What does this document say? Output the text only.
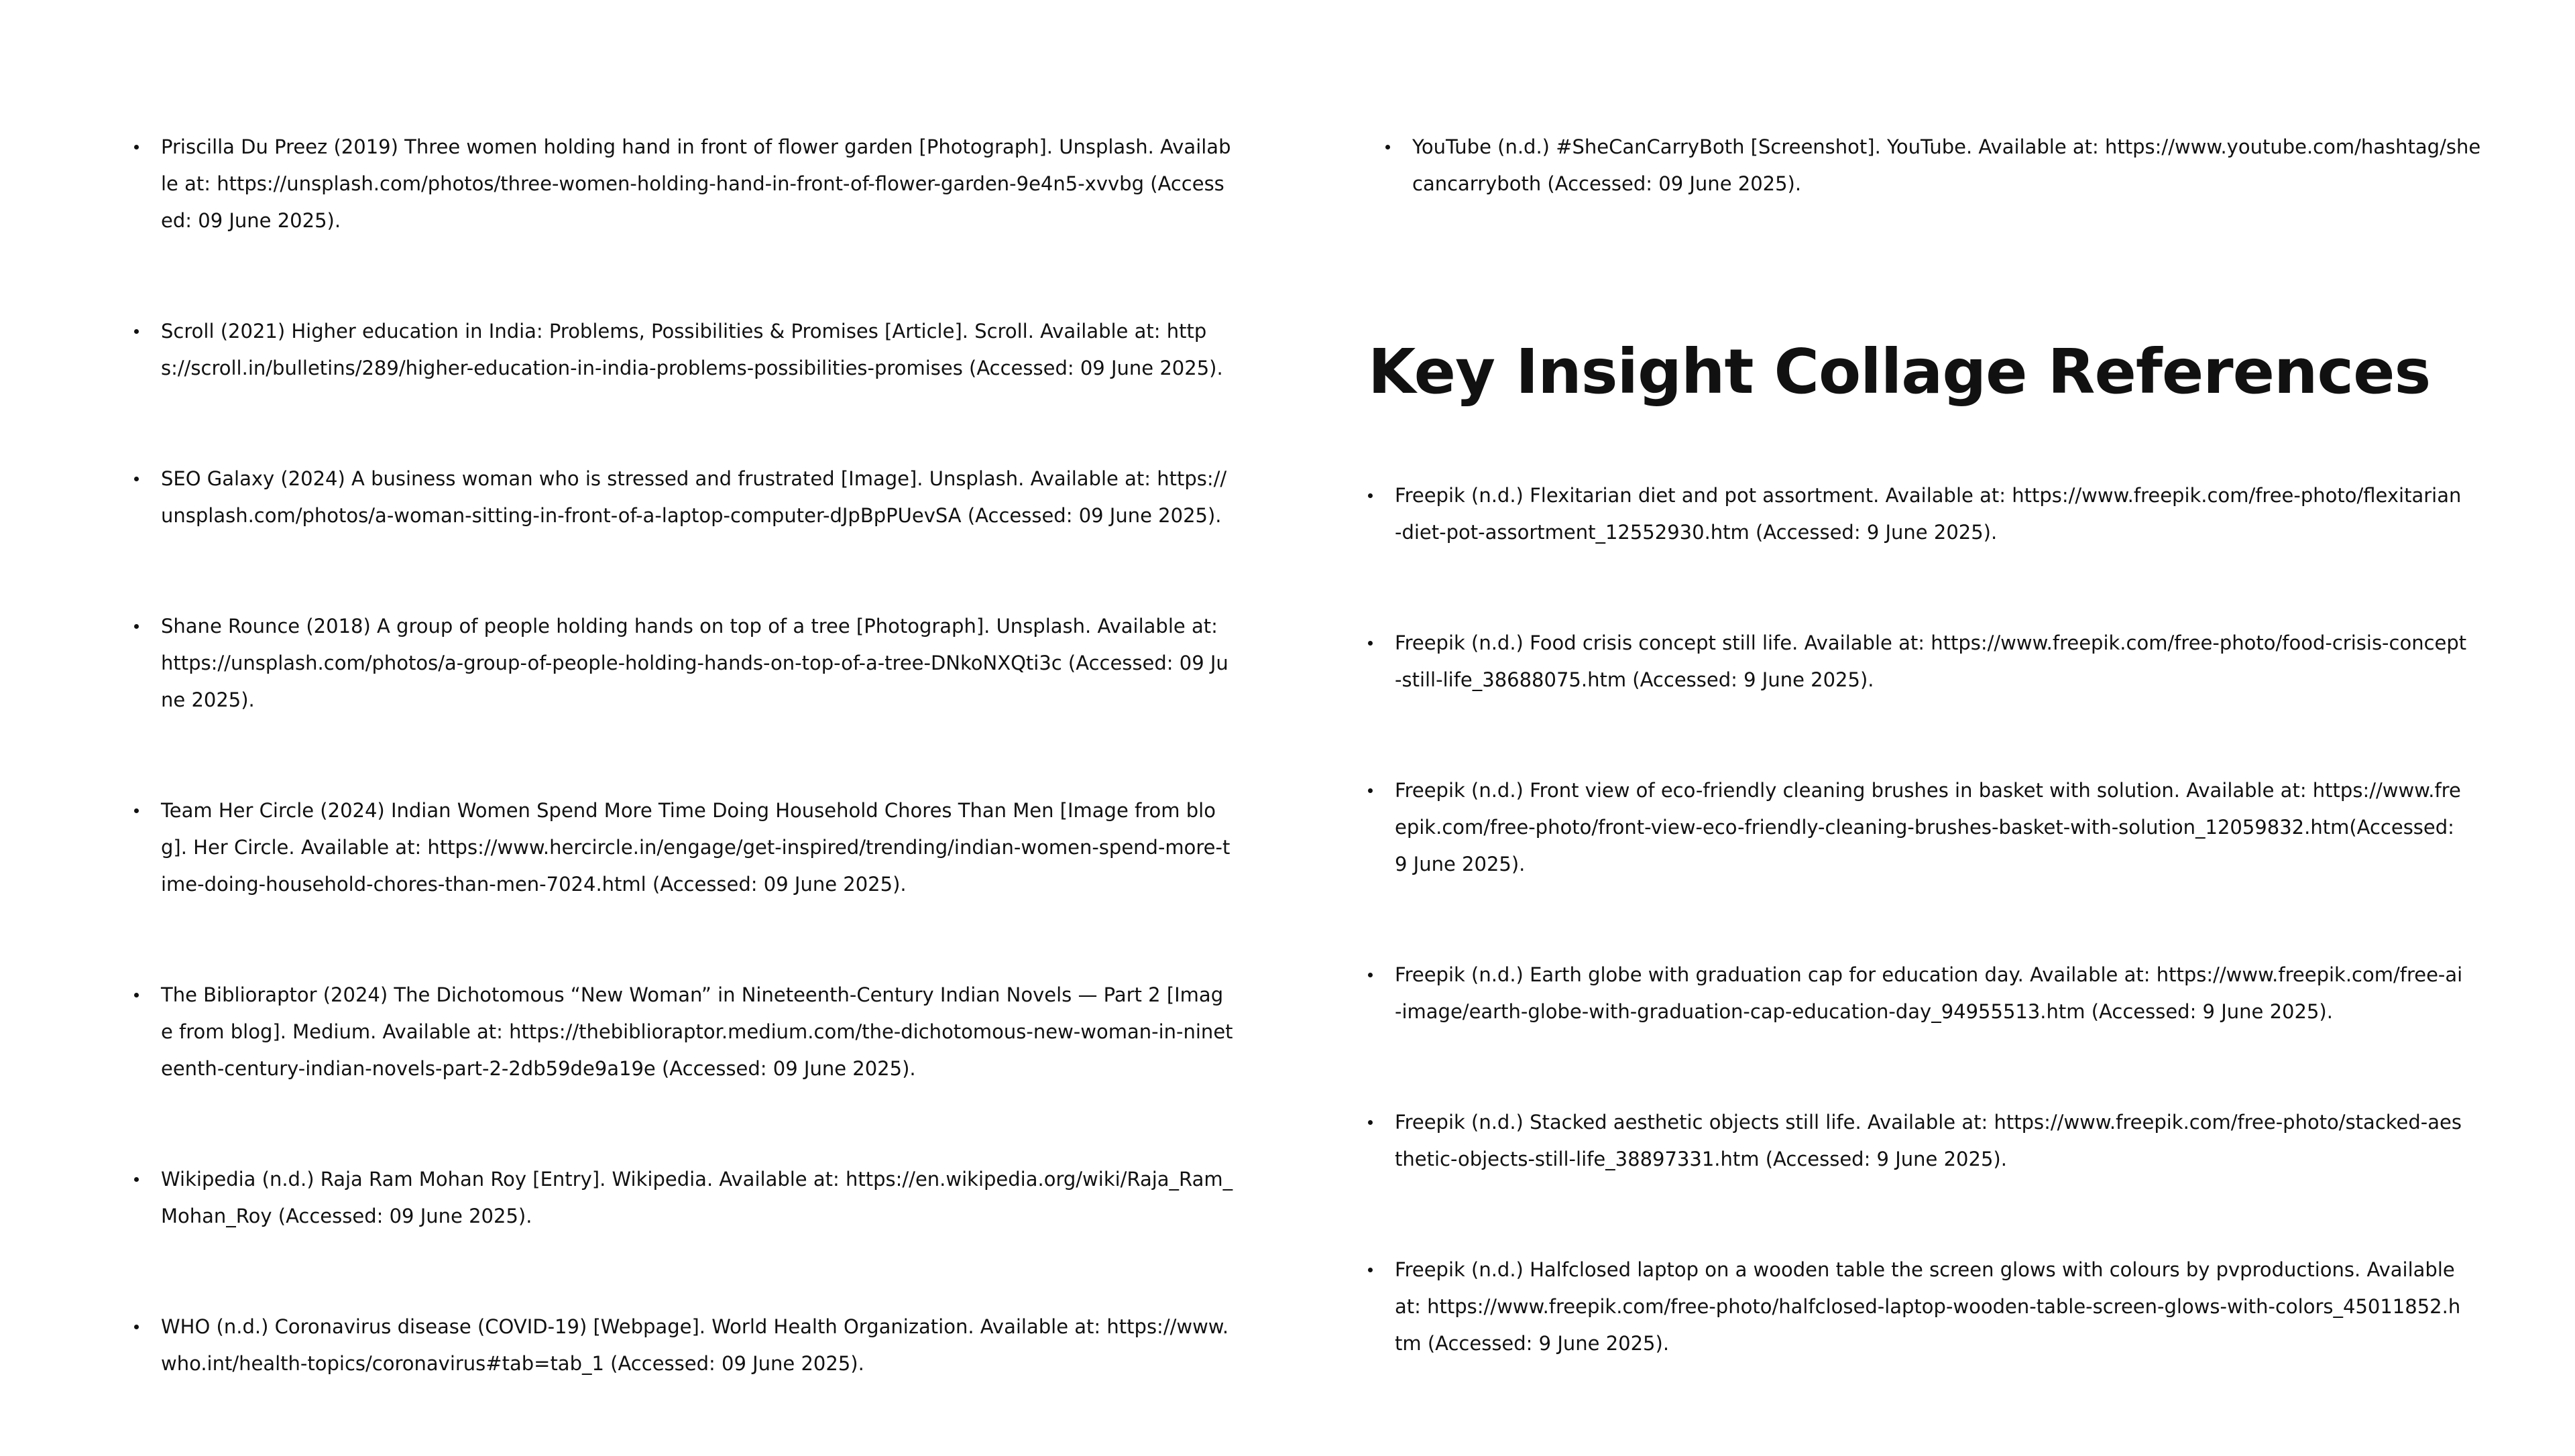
Priscilla Du Preez (2019) Three women holding hand in front of flower garden [Photograph]. Unsplash. Available at: https://unsplash.com/photos/three-women-holding-hand-in-front-of-flower-garden-9e4n5-xvvbg (Accessed: 09 June 2025).
Scroll (2021) Higher education in India: Problems, Possibilities & Promises [Article]. Scroll. Available at: https://scroll.in/bulletins/289/higher-education-in-india-problems-possibilities-promises (Accessed: 09 June 2025).
SEO Galaxy (2024) A business woman who is stressed and frustrated [Image]. Unsplash. Available at: https://unsplash.com/photos/a-woman-sitting-in-front-of-a-laptop-computer-dJpBpPUevSA (Accessed: 09 June 2025).
Shane Rounce (2018) A group of people holding hands on top of a tree [Photograph]. Unsplash. Available at: https://unsplash.com/photos/a-group-of-people-holding-hands-on-top-of-a-tree-DNkoNXQti3c (Accessed: 09 June 2025).
Team Her Circle (2024) Indian Women Spend More Time Doing Household Chores Than Men [Image from blog]. Her Circle. Available at: https://www.hercircle.in/engage/get-inspired/trending/indian-women-spend-more-time-doing-household-chores-than-men-7024.html (Accessed: 09 June 2025).
The Biblioraptor (2024) The Dichotomous “New Woman” in Nineteenth-Century Indian Novels — Part 2 [Image from blog]. Medium. Available at: https://thebiblioraptor.medium.com/the-dichotomous-new-woman-in-nineteenth-century-indian-novels-part-2-2db59de9a19e (Accessed: 09 June 2025).
Wikipedia (n.d.) Raja Ram Mohan Roy [Entry]. Wikipedia. Available at: https://en.wikipedia.org/wiki/Raja_Ram_Mohan_Roy (Accessed: 09 June 2025).
WHO (n.d.) Coronavirus disease (COVID-19) [Webpage]. World Health Organization. Available at: https://www.who.int/health-topics/coronavirus#tab=tab_1 (Accessed: 09 June 2025).
YouTube (n.d.) #SheCanCarryBoth [Screenshot]. YouTube. Available at: https://www.youtube.com/hashtag/shecancarryboth (Accessed: 09 June 2025).
Key Insight Collage References
Freepik (n.d.) Flexitarian diet and pot assortment. Available at: https://www.freepik.com/free-photo/flexitarian-diet-pot-assortment_12552930.htm (Accessed: 9 June 2025).
Freepik (n.d.) Food crisis concept still life. Available at: https://www.freepik.com/free-photo/food-crisis-concept-still-life_38688075.htm (Accessed: 9 June 2025).
Freepik (n.d.) Front view of eco-friendly cleaning brushes in basket with solution. Available at: https://www.freepik.com/free-photo/front-view-eco-friendly-cleaning-brushes-basket-with-solution_12059832.htm(Accessed: 9 June 2025).
Freepik (n.d.) Earth globe with graduation cap for education day. Available at: https://www.freepik.com/free-ai-image/earth-globe-with-graduation-cap-education-day_94955513.htm (Accessed: 9 June 2025).
Freepik (n.d.) Stacked aesthetic objects still life. Available at: https://www.freepik.com/free-photo/stacked-aesthetic-objects-still-life_38897331.htm (Accessed: 9 June 2025).
Freepik (n.d.) Halfclosed laptop on a wooden table the screen glows with colours by pvproductions. Available at: https://www.freepik.com/free-photo/halfclosed-laptop-wooden-table-screen-glows-with-colors_45011852.htm (Accessed: 9 June 2025).
